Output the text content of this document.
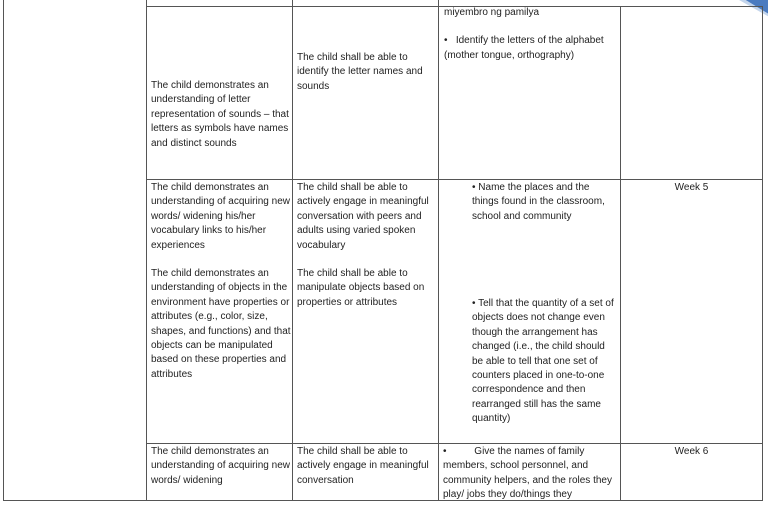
The child demonstrates an understanding of letter representation of sounds – that letters as symbols have names and distinct sounds

The child shall be able to identify the letter names and sounds

miyembro ng pamilya

•   Identify the letters of the alphabet (mother tongue, orthography)

The child demonstrates an understanding of acquiring new words/ widening his/her vocabulary links to his/her experiences

The child demonstrates an understanding of objects in the environment have properties or attributes (e.g., color, size, shapes, and functions) and that objects can be manipulated based on these properties and attributes

The child shall be able to actively engage in meaningful conversation with peers and adults using varied spoken vocabulary

The child shall be able to manipulate objects based on properties or attributes

• Name the places and the things found in the classroom, school and community

• Tell that the quantity of a set of objects does not change even though the arrangement has changed (i.e., the child should be able to tell that one set of counters placed in one-to-one correspondence and then rearranged still has the same quantity)

Week 5

The child demonstrates an understanding of acquiring new words/ widening

The child shall be able to actively engage in meaningful conversation

•          Give the names of family members, school personnel, and community helpers, and the roles they play/ jobs they do/things they

Week 6
